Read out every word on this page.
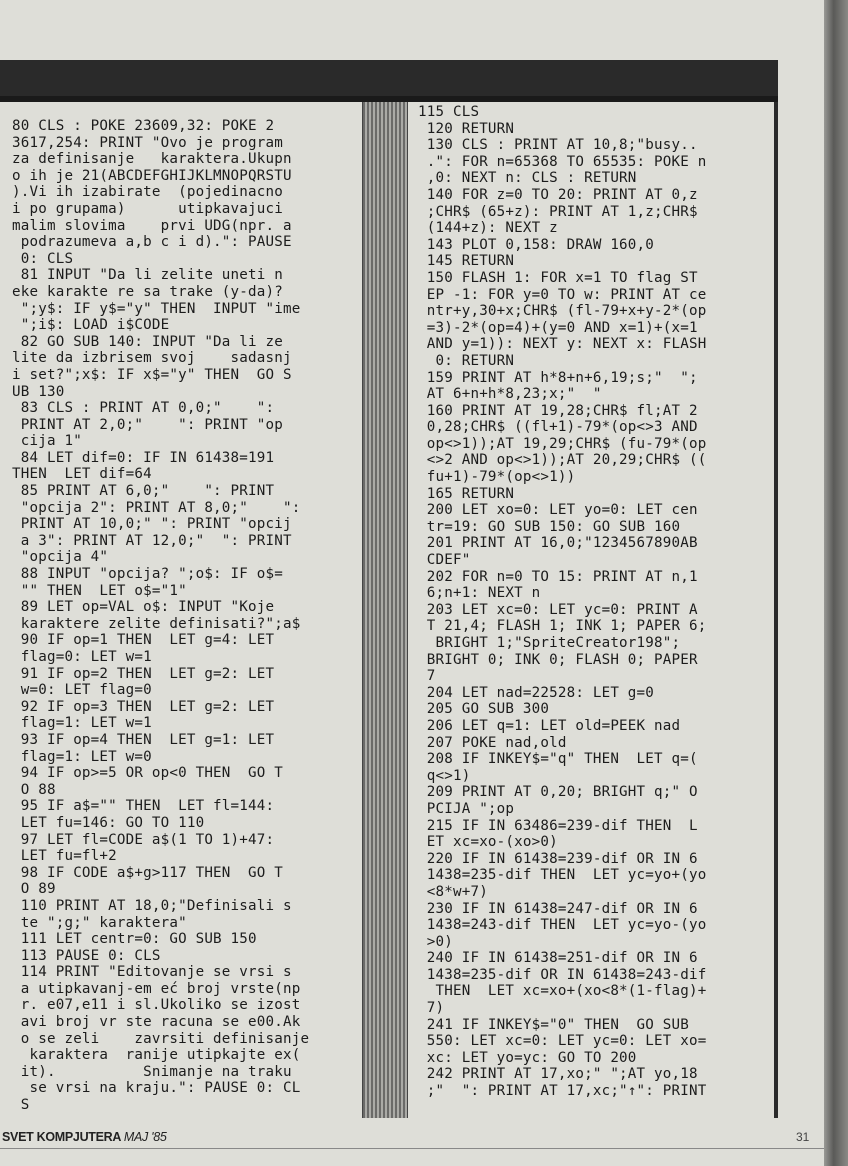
80 CLS : POKE 23609,32: POKE 2
3617,254: PRINT "Ovo je program
za definisanje   karaktera.Ukupn
o ih je 21(ABCDEFGHIJKLMNOPQRSTU
).Vi ih izabirate  (pojedinacno
i po grupama)      utipkavajuci
malim slovima    prvi UDG(npr. a
podrazumeva a,b c i d).": PAUSE
0: CLS
81 INPUT "Da li zelite uneti n
eke karakte re sa trake (y-da)?
";y$: IF y$="y" THEN  INPUT "ime
";i$: LOAD i$CODE
82 GO SUB 140: INPUT "Da li ze
lite da izbrisem svoj    sadasnj
i set?";x$: IF x$="y" THEN  GO S
UB 130
83 CLS : PRINT AT 0,0;"    ":
PRINT AT 2,0;"    ": PRINT "op
cija 1"
84 LET dif=0: IF IN 61438=191
THEN  LET dif=64
85 PRINT AT 6,0;"    ": PRINT
"opcija 2": PRINT AT 8,0;"    ":
PRINT AT 10,0;" ": PRINT "opcij
a 3": PRINT AT 12,0;"  ": PRINT
"opcija 4"
88 INPUT "opcija? ";o$: IF o$=
"" THEN  LET o$="1"
89 LET op=VAL o$: INPUT "Koje
karaktere zelite definisati?";a$
90 IF op=1 THEN  LET g=4: LET
flag=0: LET w=1
91 IF op=2 THEN  LET g=2: LET
w=0: LET flag=0
92 IF op=3 THEN  LET g=2: LET
flag=1: LET w=1
93 IF op=4 THEN  LET g=1: LET
flag=1: LET w=0
94 IF op>=5 OR op<0 THEN  GO T
O 88
95 IF a$="" THEN  LET fl=144:
LET fu=146: GO TO 110
97 LET fl=CODE a$(1 TO 1)+47:
LET fu=fl+2
98 IF CODE a$+g>117 THEN  GO T
O 89
110 PRINT AT 18,0;"Definisali s
te ";g;" karaktera"
111 LET centr=0: GO SUB 150
113 PAUSE 0: CLS
114 PRINT "Editovanje se vrsi s
a utipkavanj-em eć broj vrste(np
r. e07,e11 i sl.Ukoliko se izost
avi broj vr ste racuna se e00.Ak
o se zeli    zavrsiti definisanje
karaktera  ranije utipkajte ex(
it).          Snimanje na traku
se vrsi na kraju.": PAUSE 0: CL
S
115 CLS
120 RETURN
130 CLS : PRINT AT 10,8;"busy..
.": FOR n=65368 TO 65535: POKE n
,0: NEXT n: CLS : RETURN
140 FOR z=0 TO 20: PRINT AT 0,z
;CHR$ (65+z): PRINT AT 1,z;CHR$
(144+z): NEXT z
143 PLOT 0,158: DRAW 160,0
145 RETURN
150 FLASH 1: FOR x=1 TO flag ST
EP -1: FOR y=0 TO w: PRINT AT ce
ntr+y,30+x;CHR$ (fl-79+x+y-2*(op
=3)-2*(op=4)+(y=0 AND x=1)+(x=1
AND y=1)): NEXT y: NEXT x: FLASH
0: RETURN
159 PRINT AT h*8+n+6,19;s;"  ";
AT 6+n+h*8,23;x;"  "
160 PRINT AT 19,28;CHR$ fl;AT 2
0,28;CHR$ ((fl+1)-79*(op<>3 AND
op<>1));AT 19,29;CHR$ (fu-79*(op
<>2 AND op<>1));AT 20,29;CHR$ ((
fu+1)-79*(op<>1))
165 RETURN
200 LET xo=0: LET yo=0: LET cen
tr=19: GO SUB 150: GO SUB 160
201 PRINT AT 16,0;"1234567890AB
CDEF"
202 FOR n=0 TO 15: PRINT AT n,1
6;n+1: NEXT n
203 LET xc=0: LET yc=0: PRINT A
T 21,4; FLASH 1; INK 1; PAPER 6;
BRIGHT 1;"SpriteCreator198";
BRIGHT 0; INK 0; FLASH 0; PAPER
7
204 LET nad=22528: LET g=0
205 GO SUB 300
206 LET q=1: LET old=PEEK nad
207 POKE nad,old
208 IF INKEY$="q" THEN  LET q=(
q<>1)
209 PRINT AT 0,20; BRIGHT q;" O
PCIJA ";op
215 IF IN 63486=239-dif THEN  L
ET xc=xo-(xo>0)
220 IF IN 61438=239-dif OR IN 6
1438=235-dif THEN  LET yc=yo+(yo
<8*w+7)
230 IF IN 61438=247-dif OR IN 6
1438=243-dif THEN  LET yc=yo-(yo
>0)
240 IF IN 61438=251-dif OR IN 6
1438=235-dif OR IN 61438=243-dif
THEN  LET xc=xo+(xo<8*(1-flag)+
7)
241 IF INKEY$="0" THEN  GO SUB
550: LET xc=0: LET yc=0: LET xo=
xc: LET yo=yc: GO TO 200
242 PRINT AT 17,xo;" ";AT yo,18
;"  ": PRINT AT 17,xc;"↑": PRINT
SVET KOMPJUTERA MAJ '85	31
